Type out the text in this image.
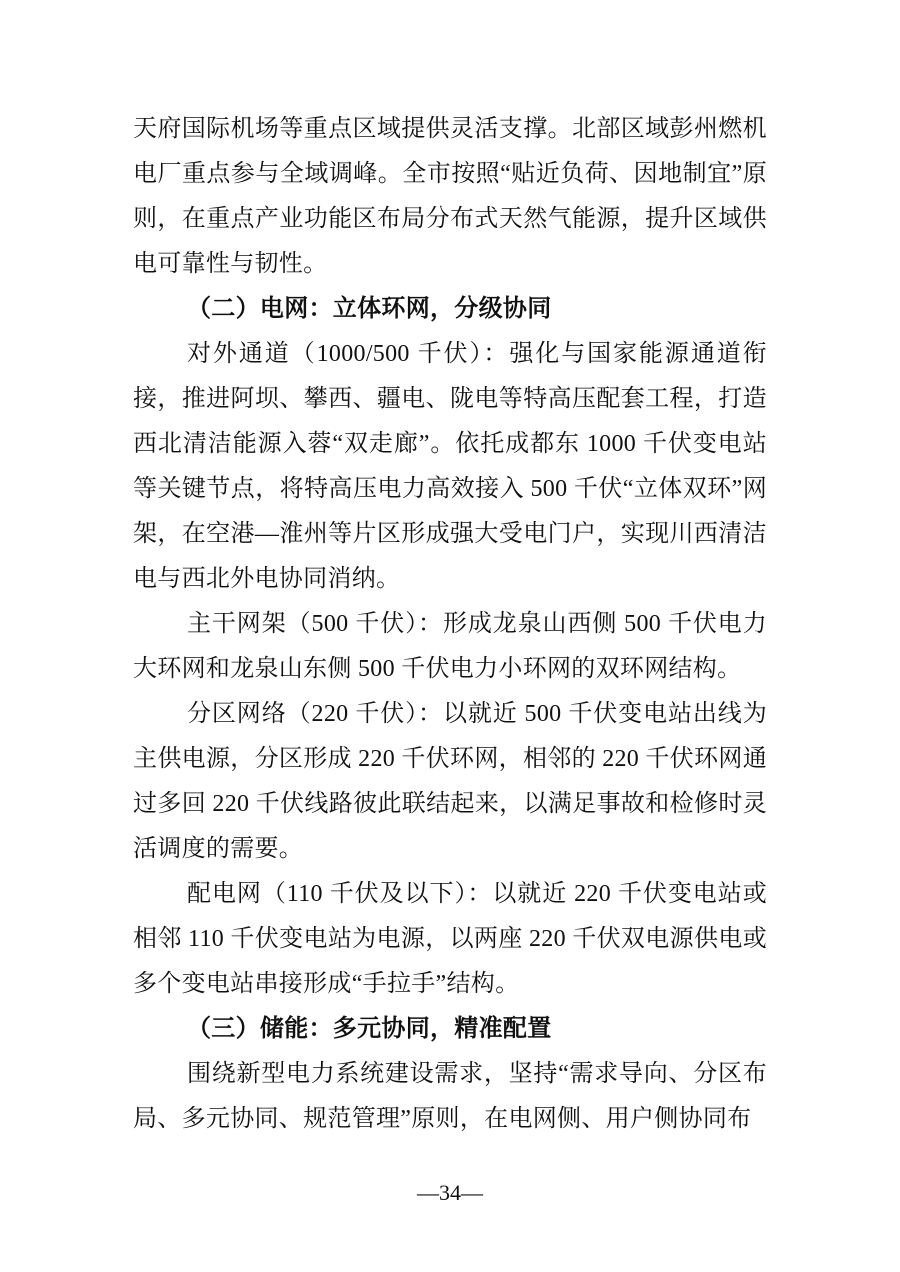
天府国际机场等重点区域提供灵活支撑。北部区域彭州燃机电厂重点参与全域调峰。全市按照“贴近负荷、因地制宜”原则，在重点产业功能区布局分布式天然气能源，提升区域供电可靠性与韧性。

（二）电网：立体环网，分级协同

对外通道（1000/500 千伏）：强化与国家能源通道衔接，推进阿坝、攀西、疆电、陇电等特高压配套工程，打造西北清洁能源入蓉“双走廊”。依托成都东 1000 千伏变电站等关键节点，将特高压电力高效接入 500 千伏“立体双环”网架，在空港—淮州等片区形成强大受电门户，实现川西清洁电与西北外电协同消纳。

主干网架（500 千伏）：形成龙泉山西侧 500 千伏电力大环网和龙泉山东侧 500 千伏电力小环网的双环网结构。

分区网络（220 千伏）：以就近 500 千伏变电站出线为主供电源，分区形成 220 千伏环网，相邻的 220 千伏环网通过多回 220 千伏线路彼此联结起来，以满足事故和检修时灵活调度的需要。

配电网（110 千伏及以下）：以就近 220 千伏变电站或相邻 110 千伏变电站为电源，以两座 220 千伏双电源供电或多个变电站串接形成“手拉手”结构。

（三）储能：多元协同，精准配置

围绕新型电力系统建设需求，坚持“需求导向、分区布局、多元协同、规范管理”原则，在电网侧、用户侧协同布

—34—
